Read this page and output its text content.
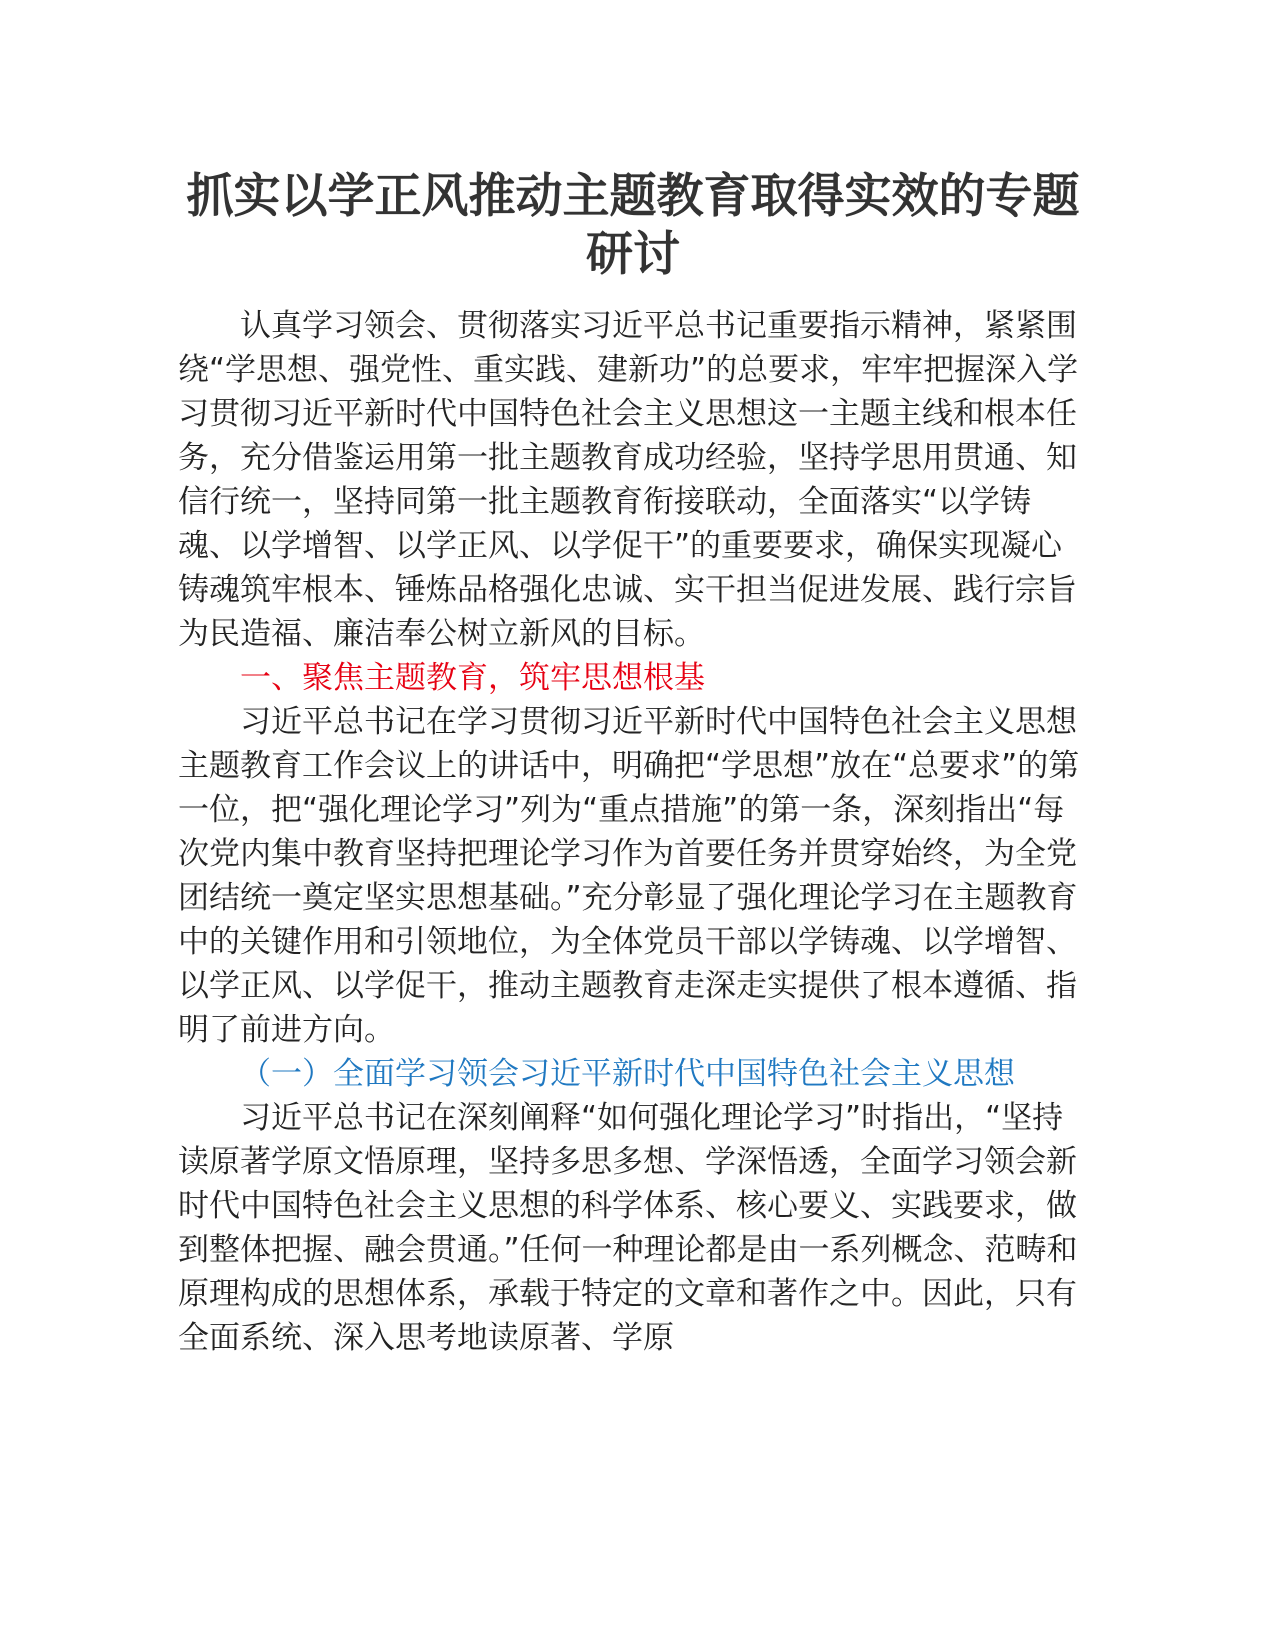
抓实以学正风推动主题教育取得实效的专题
研讨

认真学习领会、贯彻落实习近平总书记重要指示精神，紧紧围绕“学思想、强党性、重实践、建新功”的总要求，牢牢把握深入学习贯彻习近平新时代中国特色社会主义思想这一主题主线和根本任务，充分借鉴运用第一批主题教育成功经验，坚持学思用贯通、知信行统一，坚持同第一批主题教育衔接联动，全面落实“以学铸魂、以学增智、以学正风、以学促干”的重要要求，确保实现凝心铸魂筑牢根本、锤炼品格强化忠诚、实干担当促进发展、践行宗旨为民造福、廉洁奉公树立新风的目标。

一、聚焦主题教育，筑牢思想根基

习近平总书记在学习贯彻习近平新时代中国特色社会主义思想主题教育工作会议上的讲话中，明确把“学思想”放在“总要求”的第一位，把“强化理论学习”列为“重点措施”的第一条，深刻指出“每次党内集中教育坚持把理论学习作为首要任务并贯穿始终，为全党团结统一奠定坚实思想基础。”充分彰显了强化理论学习在主题教育中的关键作用和引领地位，为全体党员干部以学铸魂、以学增智、以学正风、以学促干，推动主题教育走深走实提供了根本遵循、指明了前进方向。

（一）全面学习领会习近平新时代中国特色社会主义思想

习近平总书记在深刻阐释“如何强化理论学习”时指出，“坚持读原著学原文悟原理，坚持多思多想、学深悟透，全面学习领会新时代中国特色社会主义思想的科学体系、核心要义、实践要求，做到整体把握、融会贯通。”任何一种理论都是由一系列概念、范畴和原理构成的思想体系，承载于特定的文章和著作之中。因此，只有全面系统、深入思考地读原著、学原
